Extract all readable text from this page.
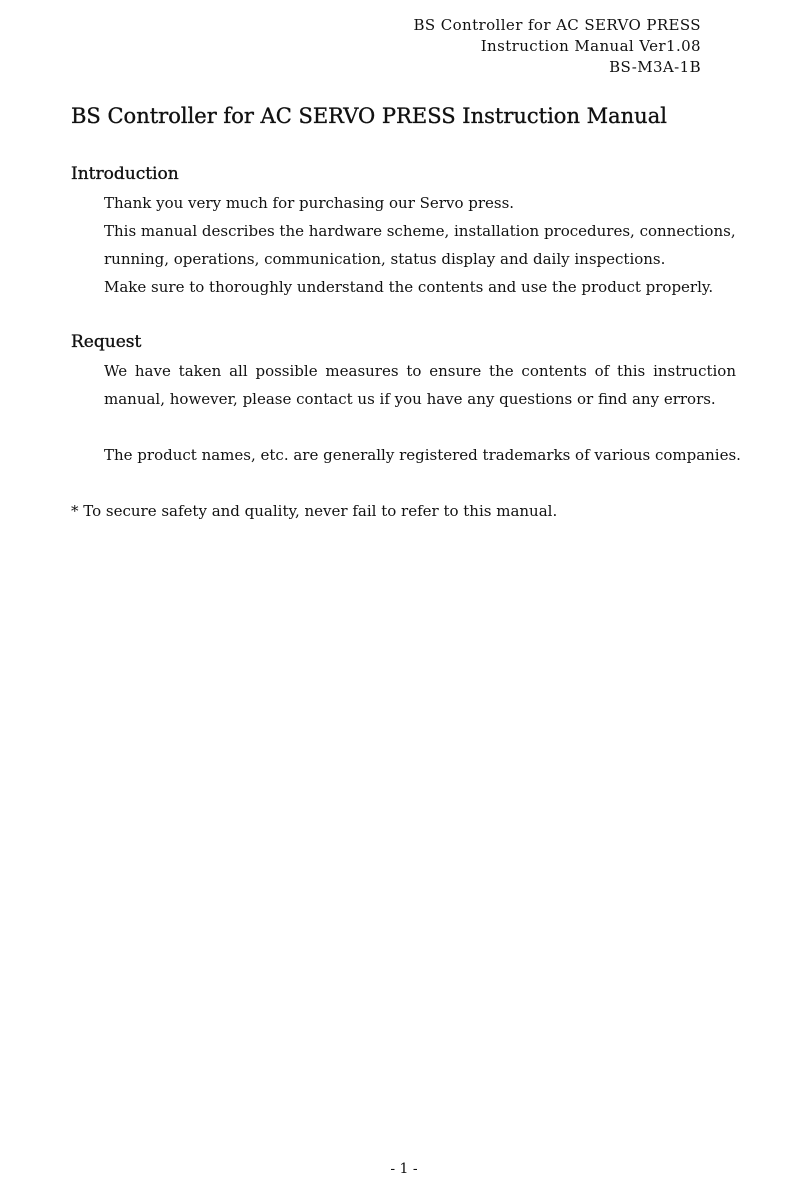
BS Controller for AC SERVO PRESS
Instruction Manual Ver1.08
BS-M3A-1B
BS Controller for AC SERVO PRESS Instruction Manual
Introduction
Thank you very much for purchasing our Servo press.
This manual describes the hardware scheme, installation procedures, connections,
running, operations, communication, status display and daily inspections.
Make sure to thoroughly understand the contents and use the product properly.
Request
We have taken all possible measures to ensure the contents of this instruction
manual, however, please contact us if you have any questions or find any errors.
The product names, etc. are generally registered trademarks of various companies.

* To secure safety and quality, never fail to refer to this manual.

- 1 -
